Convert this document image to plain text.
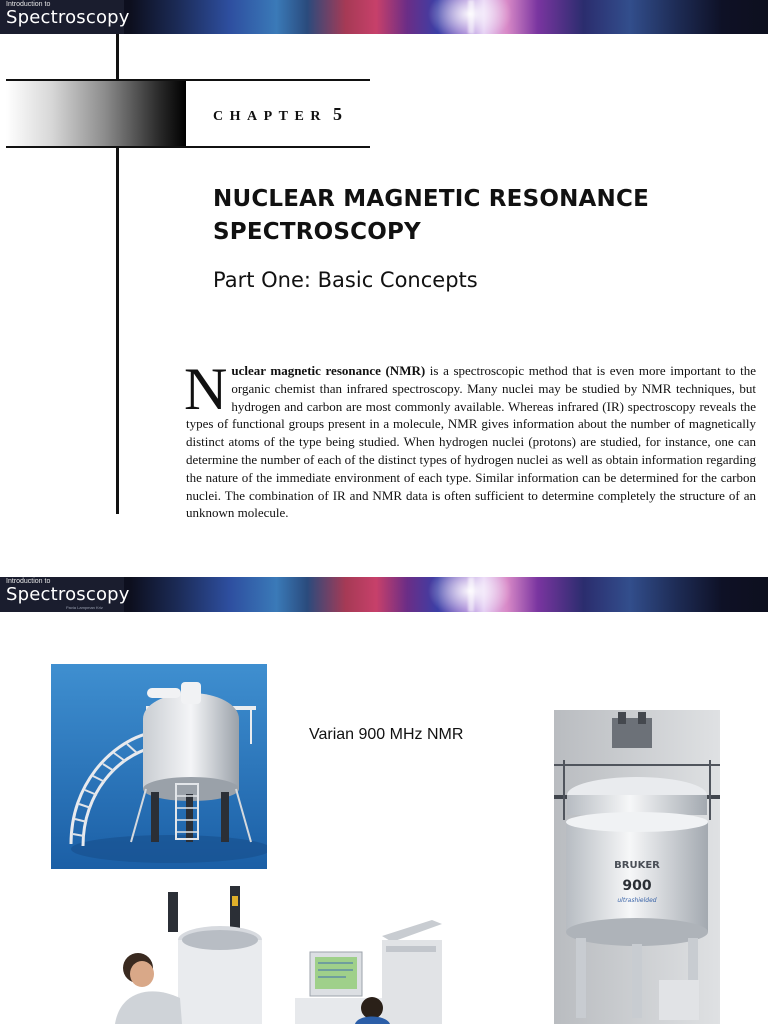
Introduction to
Spectroscopy
CHAPTER 5
NUCLEAR MAGNETIC RESONANCE SPECTROSCOPY
Part One: Basic Concepts
Nuclear magnetic resonance (NMR) is a spectroscopic method that is even more important to the organic chemist than infrared spectroscopy. Many nuclei may be studied by NMR techniques, but hydrogen and carbon are most commonly available. Whereas infrared (IR) spectroscopy reveals the types of functional groups present in a molecule, NMR gives information about the number of magnetically distinct atoms of the type being studied. When hydrogen nuclei (protons) are studied, for instance, one can determine the number of each of the distinct types of hydrogen nuclei as well as obtain information regarding the nature of the immediate environment of each type. Similar information can be determined for the carbon nuclei. The combination of IR and NMR data is often sufficient to determine completely the structure of an unknown molecule.
Introduction to
Spectroscopy
Pavia Lampman Kriz
Varian 900 MHz NMR
BRUKER
900
ultrashielded
